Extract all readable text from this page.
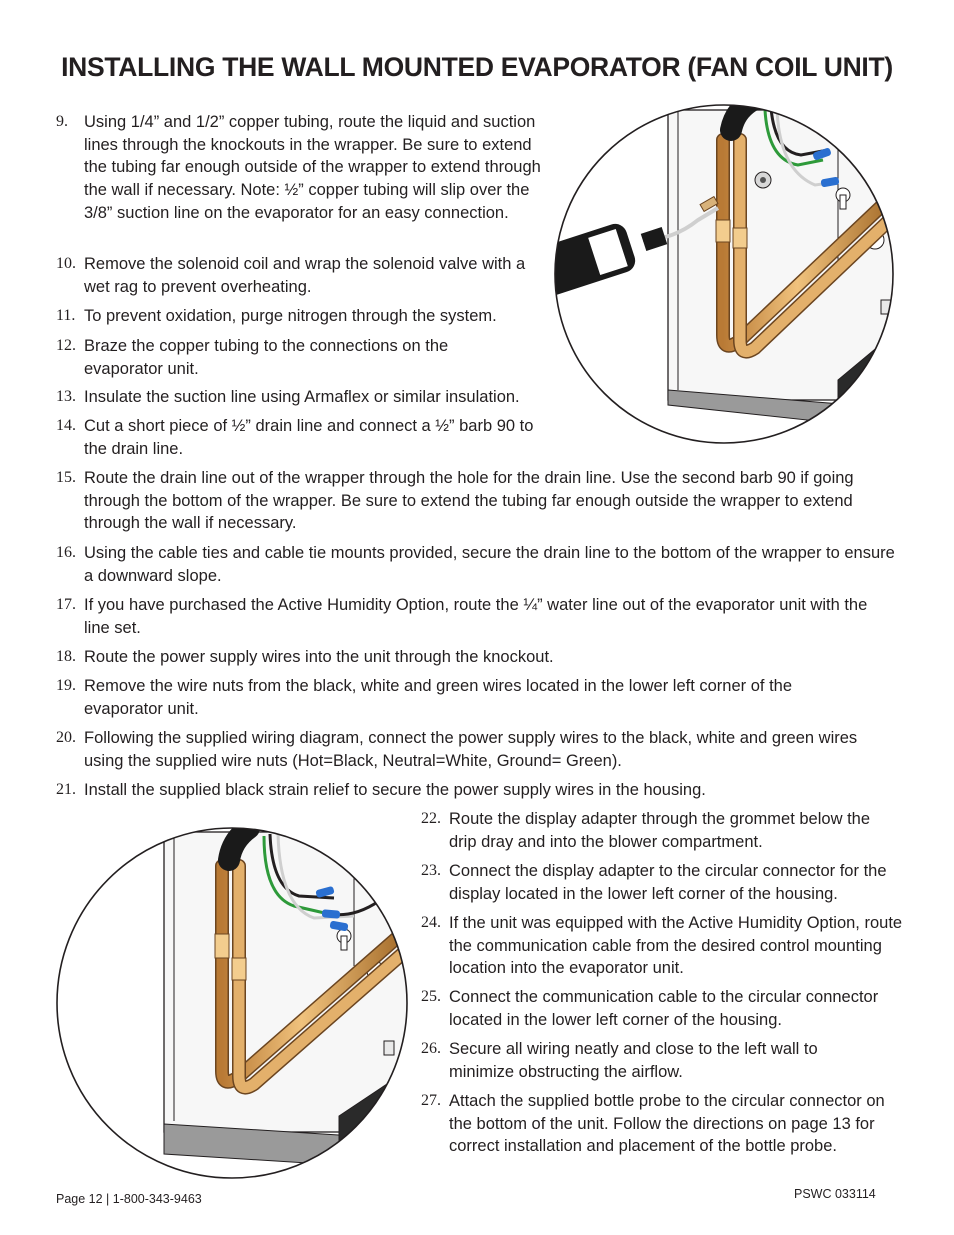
INSTALLING THE WALL MOUNTED EVAPORATOR (FAN COIL UNIT)
9. Using 1/4” and 1/2” copper tubing, route the liquid and suction lines through the knockouts in the wrapper. Be sure to extend the tubing far enough outside of the wrapper to extend through the wall if necessary. Note: ½” copper tubing will slip over the 3/8” suction line on the evaporator for an easy connection.
10. Remove the solenoid coil and wrap the solenoid valve with a wet rag to prevent overheating.
11. To prevent oxidation, purge nitrogen through the system.
12. Braze the copper tubing to the connections on the evaporator unit.
13. Insulate the suction line using Armaflex or similar insulation.
14. Cut a short piece of ½” drain line and connect a ½” barb 90 to the drain line.
15. Route the drain line out of the wrapper through the hole for the drain line. Use the second barb 90 if going through the bottom of the wrapper. Be sure to extend the tubing far enough outside the wrapper to extend through the wall if necessary.
16. Using the cable ties and cable tie mounts provided, secure the drain line to the bottom of the wrapper to ensure a downward slope.
17. If you have purchased the Active Humidity Option, route the ¼” water line out of the evaporator unit with the line set.
18. Route the power supply wires into the unit through the knockout.
19. Remove the wire nuts from the black, white and green wires located in the lower left corner of the evaporator unit.
20. Following the supplied wiring diagram, connect the power supply wires to the black, white and green wires using the supplied wire nuts (Hot=Black, Neutral=White, Ground= Green).
21. Install the supplied black strain relief to secure the power supply wires in the housing.
22. Route the display adapter through the grommet below the drip dray and into the blower compartment.
23. Connect the display adapter to the circular connector for the display located in the lower left corner of the housing.
24. If the unit was equipped with the Active Humidity Option, route the communication cable from the desired control mounting location into the evaporator unit.
25. Connect the communication cable to the circular connector located in the lower left corner of the housing.
26. Secure all wiring neatly and close to the left wall to minimize obstructing the airflow.
27. Attach the supplied bottle probe to the circular connector on the bottom of the unit. Follow the directions on page 13 for correct installation and placement of the bottle probe.
Page 12 | 1-800-343-9463	PSWC 033114
